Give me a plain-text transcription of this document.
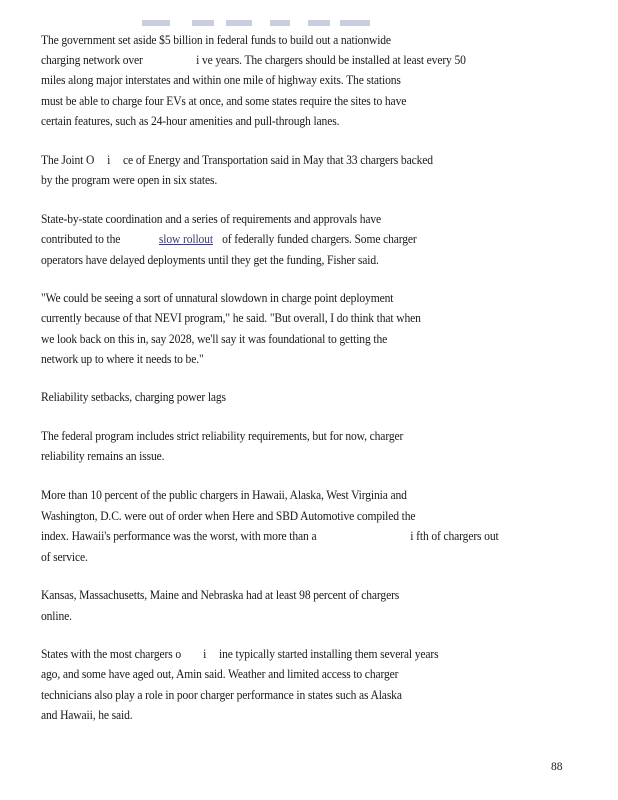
The government set aside $5 billion in federal funds to build out a nationwide
charging network over	i ve years. The chargers should be installed at least every 50
miles along major interstates and within one mile of highway exits. The stations
must be able to charge four EVs at once, and some states require the sites to have
certain features, such as 24-hour amenities and pull-through lanes.
The Joint O i ce of Energy and Transportation said in May that 33 chargers backed
by the program were open in six states.
State-by-state coordination and a series of requirements and approvals have
contributed to the	slow rollout of federally funded chargers. Some charger
operators have delayed deployments until they get the funding, Fisher said.
"We could be seeing a sort of unnatural slowdown in charge point deployment
currently because of that NEVI program," he said. "But overall, I do think that when
we look back on this in, say 2028, we'll say it was foundational to getting the
network up to where it needs to be."
Reliability setbacks, charging power lags
The federal program includes strict reliability requirements, but for now, charger
reliability remains an issue.
More than 10 percent of the public chargers in Hawaii, Alaska, West Virginia and
Washington, D.C. were out of order when Here and SBD Automotive compiled the
index. Hawaii's performance was the worst, with more than a	i fth of chargers out
of service.
Kansas, Massachusetts, Maine and Nebraska had at least 98 percent of chargers
online.
States with the most chargers o i ine typically started installing them several years
ago, and some have aged out, Amin said. Weather and limited access to charger
technicians also play a role in poor charger performance in states such as Alaska
and Hawaii, he said.
88
